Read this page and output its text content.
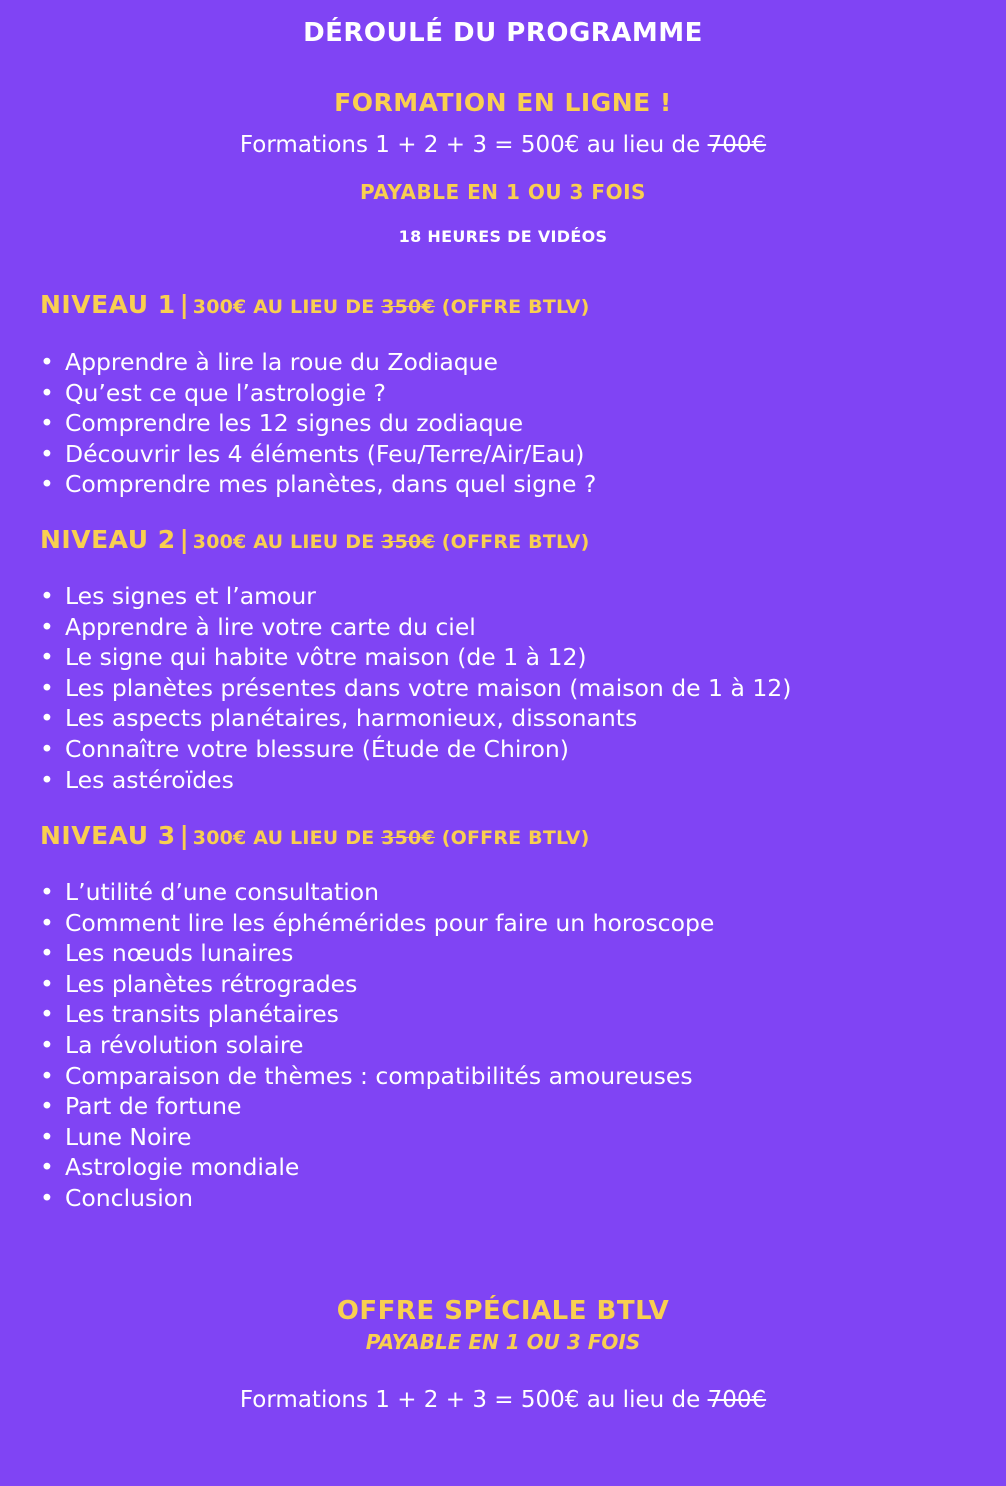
DÉROULÉ DU PROGRAMME
FORMATION EN LIGNE !
Formations 1 + 2 + 3 = 500€ au lieu de 700€
PAYABLE EN 1 OU 3 FOIS
18 HEURES DE VIDÉOS
NIVEAU 1 | 300€ AU LIEU DE 350€ (OFFRE BTLV)
• Apprendre à lire la roue du Zodiaque
• Qu’est ce que l’astrologie ?
• Comprendre les 12 signes du zodiaque
• Découvrir les 4 éléments (Feu/Terre/Air/Eau)
• Comprendre mes planètes, dans quel signe ?
NIVEAU 2 | 300€ AU LIEU DE 350€ (OFFRE BTLV)
• Les signes et l’amour
• Apprendre à lire votre carte du ciel
• Le signe qui habite vôtre maison (de 1 à 12)
• Les planètes présentes dans votre maison (maison de 1 à 12)
• Les aspects planétaires, harmonieux, dissonants
• Connaître votre blessure (Étude de Chiron)
• Les astéroïdes
NIVEAU 3 | 300€ AU LIEU DE 350€ (OFFRE BTLV)
• L’utilité d’une consultation
• Comment lire les éphémérides pour faire un horoscope
• Les nœuds lunaires
• Les planètes rétrogrades
• Les transits planétaires
• La révolution solaire
• Comparaison de thèmes : compatibilités amoureuses
• Part de fortune
• Lune Noire
• Astrologie mondiale
• Conclusion
OFFRE SPÉCIALE BTLV
PAYABLE EN 1 OU 3 FOIS
Formations 1 + 2 + 3 = 500€ au lieu de 700€
